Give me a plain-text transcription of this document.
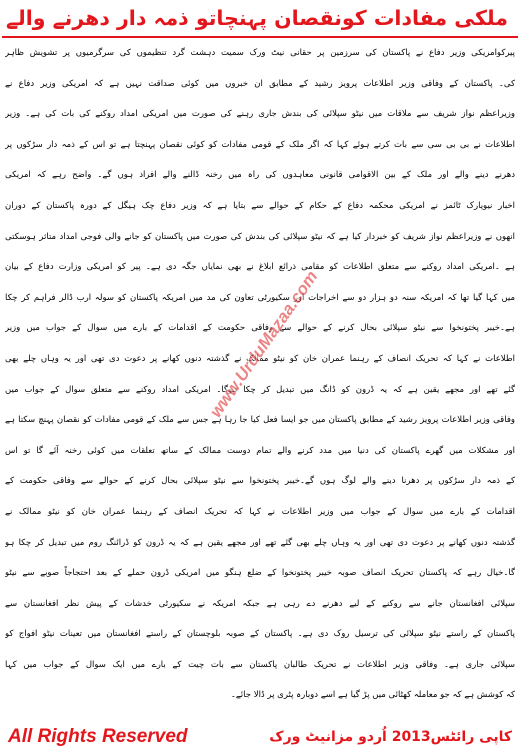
ملکی مفادات کونقصان پہنچاتو ذمہ دار دھرنے والے
پیرکوامریکی وزیر دفاع نے پاکستان کی سرزمین پر حقانی نیٹ ورک سمیت دہشت گرد تنظیموں کی سرگرمیوں پر تشویش ظاہر
کی۔ پاکستان کے وفاقی وزیر اطلاعات پرویز رشید کے مطابق ان خبروں میں کوئی صداقت نہیں ہے کہ امریکی وزیر دفاع نے
وزیراعظم نواز شریف سے ملاقات میں نیٹو سپلائی کی بندش جاری رہنے کی صورت میں امریکی امداد روکنے کی بات کی ہے۔ وزیر
اطلاعات نے بی بی سی سے بات کرتے ہوئے کہا کہ اگر ملک کے قومی مفادات کو کوئی نقصان پہنچتا ہے تو اس کے ذمہ دار سڑکوں پر
دھرنے دینے والے اور ملک کے بین الاقوامی قانونی معاہدوں کی راہ میں رخنہ ڈالنے والے افراد ہوں گے۔ واضح رہے کہ امریکی
اخبار نیویارک ٹائمز نے امریکی محکمہ دفاع کے حکام کے حوالے سے بتایا ہے کہ وزیر دفاع چک ہیگل کے دورہ پاکستان کے دوران
انھوں نے وزیراعظم نواز شریف کو خبردار کیا ہے کہ نیٹو سپلائی کی بندش کی صورت میں پاکستان کو جانے والی فوجی امداد متاثر ہوسکتی
ہے ۔امریکی امداد روکنے سے متعلق اطلاعات کو مقامی ذرائع ابلاغ نے بھی نمایاں جگہ دی ہے۔ پیر کو امریکی وزارت دفاع کے بیان
میں کہا گیا تھا کہ امریکہ سنہ دو ہزار دو سے اخراجات اور سکیورٹی تعاون کی مد میں امریکہ پاکستان کو سولہ ارب ڈالر فراہم کر چکا
ہے۔خیبر پختونخوا سے نیٹو سپلائی بحال کرنے کے حوالے سے وفاقی حکومت کے اقدامات کے بارے میں سوال کے جواب میں وزیر
اطلاعات نے کہا کہ تحریک انصاف کے رہنما عمران خان کو نیٹو ممالک نے گذشتہ دنوں کھانے پر دعوت دی تھی اور یہ وہاں چلے بھی
گئے تھے اور مجھے یقین ہے کہ یہ ڈرون کو ڈانگ میں تبدیل کر چکا ہوگا۔ امریکی امداد روکنے سے متعلق سوال کے جواب میں
وفاقی وزیر اطلاعات پرویز رشید کے مطابق پاکستان میں جو ایسا فعل کیا جا رہا ہے جس سے ملک کے قومی مفادات کو نقصان پہنچ سکتا ہے
اور مشکلات میں گھرے پاکستان کی دنیا میں مدد کرنے والے تمام دوست ممالک کے ساتھ تعلقات میں کوئی رخنہ آئے گا تو اس
کے ذمہ دار سڑکوں پر دھرنا دینے والے لوگ ہوں گے۔خیبر پختونخوا سے نیٹو سپلائی بحال کرنے کے حوالے سے وفاقی حکومت کے
اقدامات کے بارے میں سوال کے جواب میں وزیر اطلاعات نے کہا کہ تحریک انصاف کے رہنما عمران خان کو نیٹو ممالک نے
گذشتہ دنوں کھانے پر دعوت دی تھی اور یہ وہاں چلے بھی گئے تھے اور مجھے یقین ہے کہ یہ ڈرون کو ڈرائنگ روم میں تبدیل کر چکا ہو
گا۔خیال رہے کہ پاکستان تحریک انصاف صوبہ خیبر پختونخوا کے ضلع ہنگو میں امریکی ڈرون حملے کے بعد احتجاجاً صوبے سے نیٹو
سپلائی افغانستان جانے سے روکنے کے لیے دھرنے دے رہی ہے جبکہ امریکہ نے سکیورٹی خدشات کے پیش نظر افغانستان سے
پاکستان کے راستے نیٹو سپلائی کی ترسیل روک دی ہے۔ پاکستان کے صوبہ بلوچستان کے راستے افغانستان میں تعینات نیٹو افواج کو
سپلائی جاری ہے۔ وفاقی وزیر اطلاعات نے تحریک طالبان پاکستان سے بات چیت کے بارے میں ایک سوال کے جواب میں کہا
کہ کوشش ہے کہ جو معاملہ کھٹائی میں پڑ گیا ہے اسے دوبارہ پٹری پر ڈالا جائے۔
www.UrduMazaa.com
All Rights Reserved	کاپی رائٹس2013 اُردو مزانیٹ ورک
